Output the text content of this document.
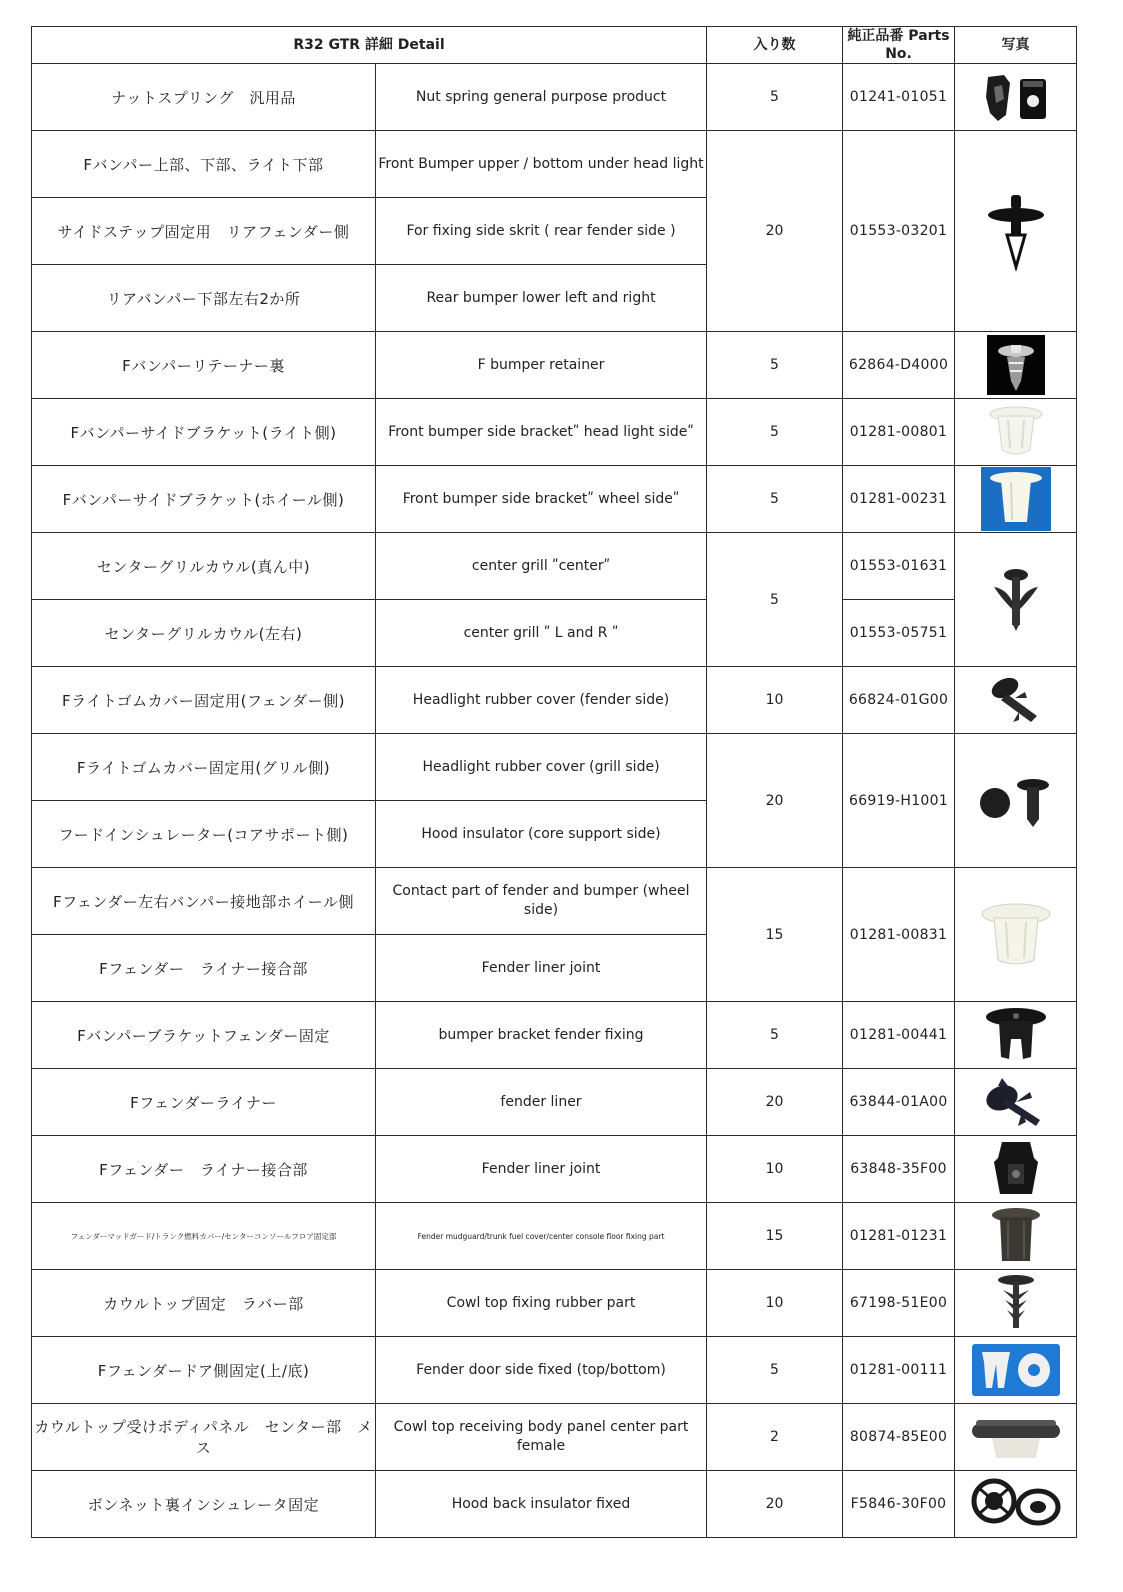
R32 GTR 詳細 Detail		入り数	純正品番 Parts No.	写真
ナットスプリング　汎用品	Nut spring general purpose product	5	01241-01051	

Fバンパー上部、下部、ライト下部	Front Bumper upper / bottom under head light	20	01553-03201	

サイドステップ固定用　リアフェンダー側	For fixing side skrit ( rear fender side )			
リアバンパー下部左右2か所	Rear bumper lower left and right			
Fバンパーリテーナー裏	F bumper retainer	5	62864-D4000	

Fバンパーサイドブラケット(ライト側)	Front bumper side bracketʺ head light sideʺ	5	01281-00801	

Fバンパーサイドブラケット(ホイール側)	Front bumper side bracketʺ wheel sideʺ	5	01281-00231	

センターグリルカウル(真ん中)	center grill ʺcenterʺ	5	01553-01631	

センターグリルカウル(左右)	center grill ʺ L and R ʺ		01553-05751	
Fライトゴムカバー固定用(フェンダー側)	Headlight rubber cover (fender side)	10	66824-01G00	

Fライトゴムカバー固定用(グリル側)	Headlight rubber cover (grill side)	20	66919-H1001	

フードインシュレーター(コアサポート側)	Hood insulator (core support side)			
Fフェンダー左右バンパー接地部ホイール側	Contact part of fender and bumper (wheel side)	15	01281-00831	

Fフェンダー　ライナー接合部	Fender liner joint			
Fバンパーブラケットフェンダー固定	bumper bracket fender fixing	5	01281-00441	

Fフェンダーライナー	fender liner	20	63844-01A00	

Fフェンダー　ライナー接合部	Fender liner joint	10	63848-35F00	

フェンダーマッドガード/トランク燃料カバー/センターコンソールフロア固定部	Fender mudguard/trunk fuel cover/center console floor fixing part	15	01281-01231	

カウルトップ固定　ラバー部	Cowl top fixing rubber part	10	67198-51E00	

Fフェンダードア側固定(上/底)	Fender door side fixed (top/bottom)	5	01281-00111	

カウルトップ受けボディパネル　センター部　メス	Cowl top receiving body panel center part female	2	80874-85E00	

ボンネット裏インシュレータ固定	Hood back insulator fixed	20	F5846-30F00	
